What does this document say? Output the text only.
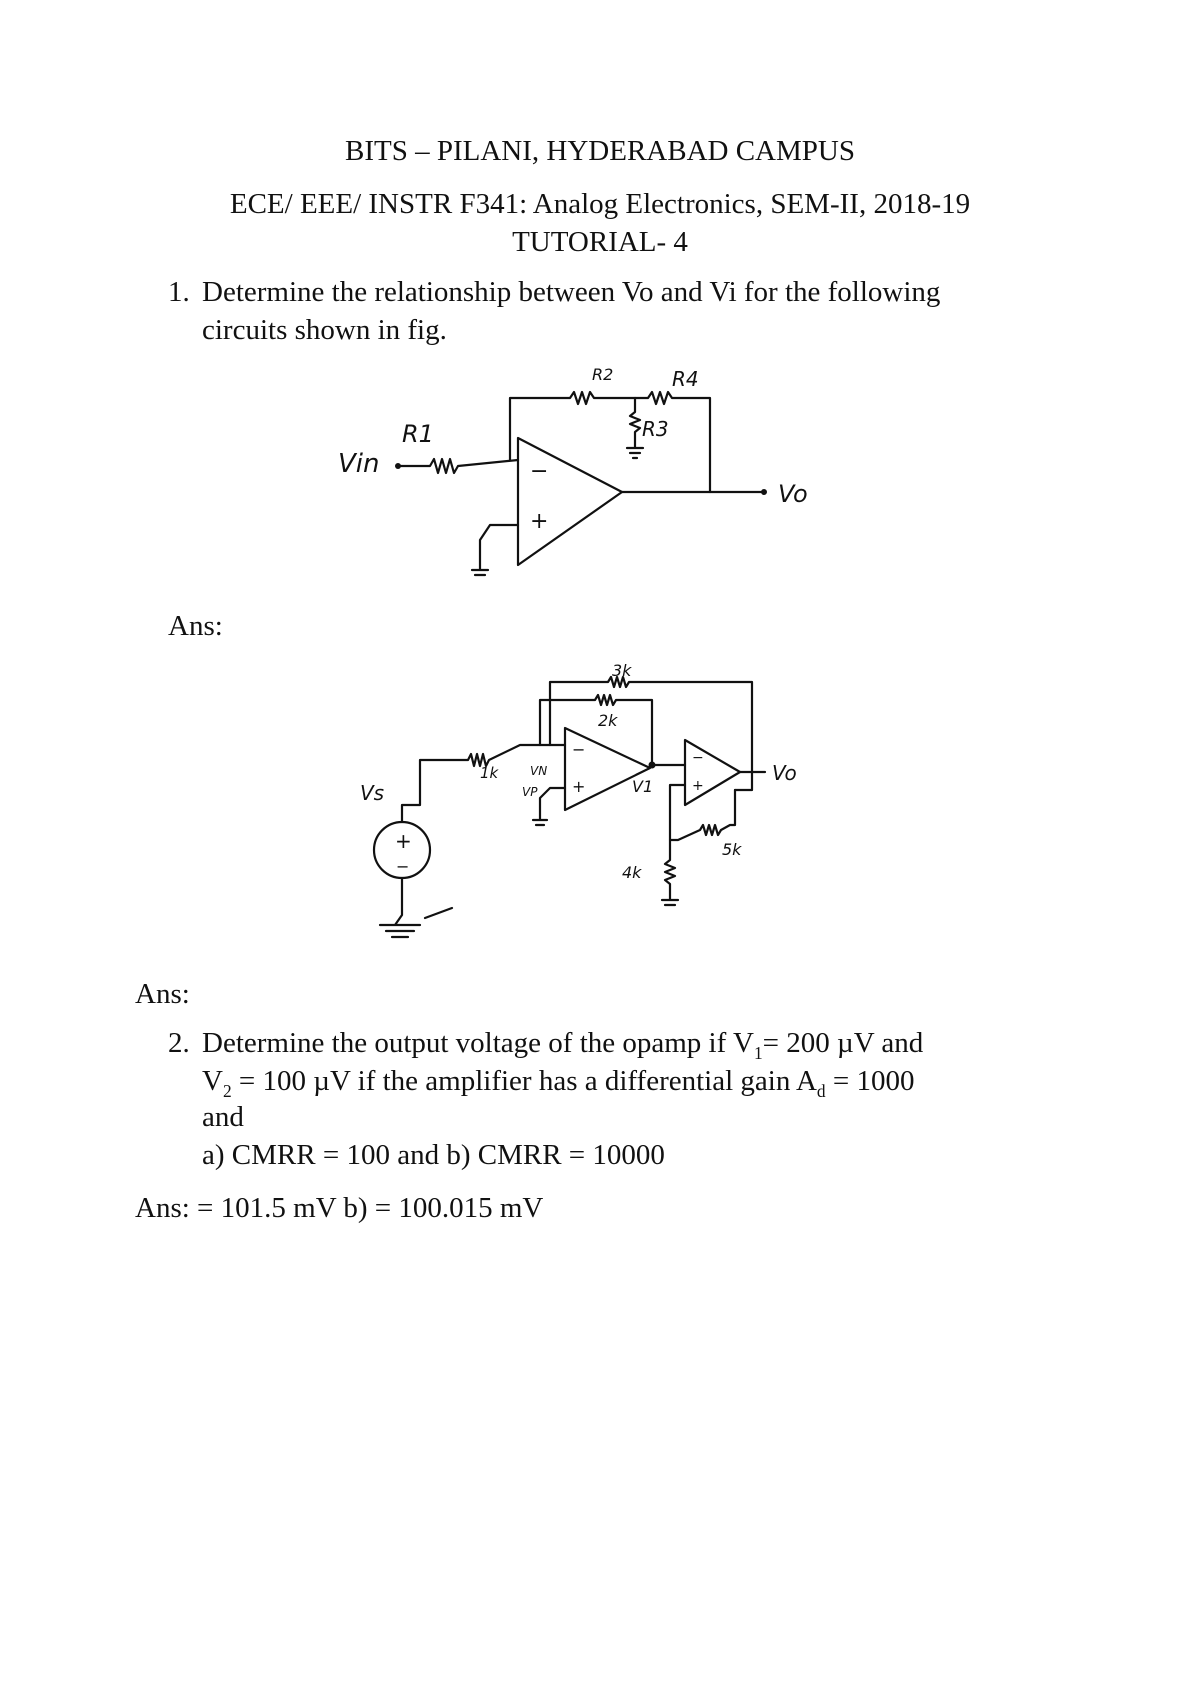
BITS – PILANI, HYDERABAD CAMPUS
ECE/ EEE/ INSTR F341: Analog Electronics, SEM-II, 2018-19
TUTORIAL- 4
1. Determine the relationship between Vo and Vi for the following
circuits shown in fig.
−
+
Vin
R1
R2	R4
R3
Vo
Ans:
+
−
−
+
−
+
3k
2k
1k	VN
VP	V1
Vo
Vs
5k
4k
Ans:
2. Determine the output voltage of the opamp if $V_1= 200$ µV and
$V_2 = 100$ µV if the amplifier has a differential gain $A_d = 1000$
and
a) CMRR = 100 and b) CMRR = 10000
Ans: = 101.5 mV b) = 100.015 mV
